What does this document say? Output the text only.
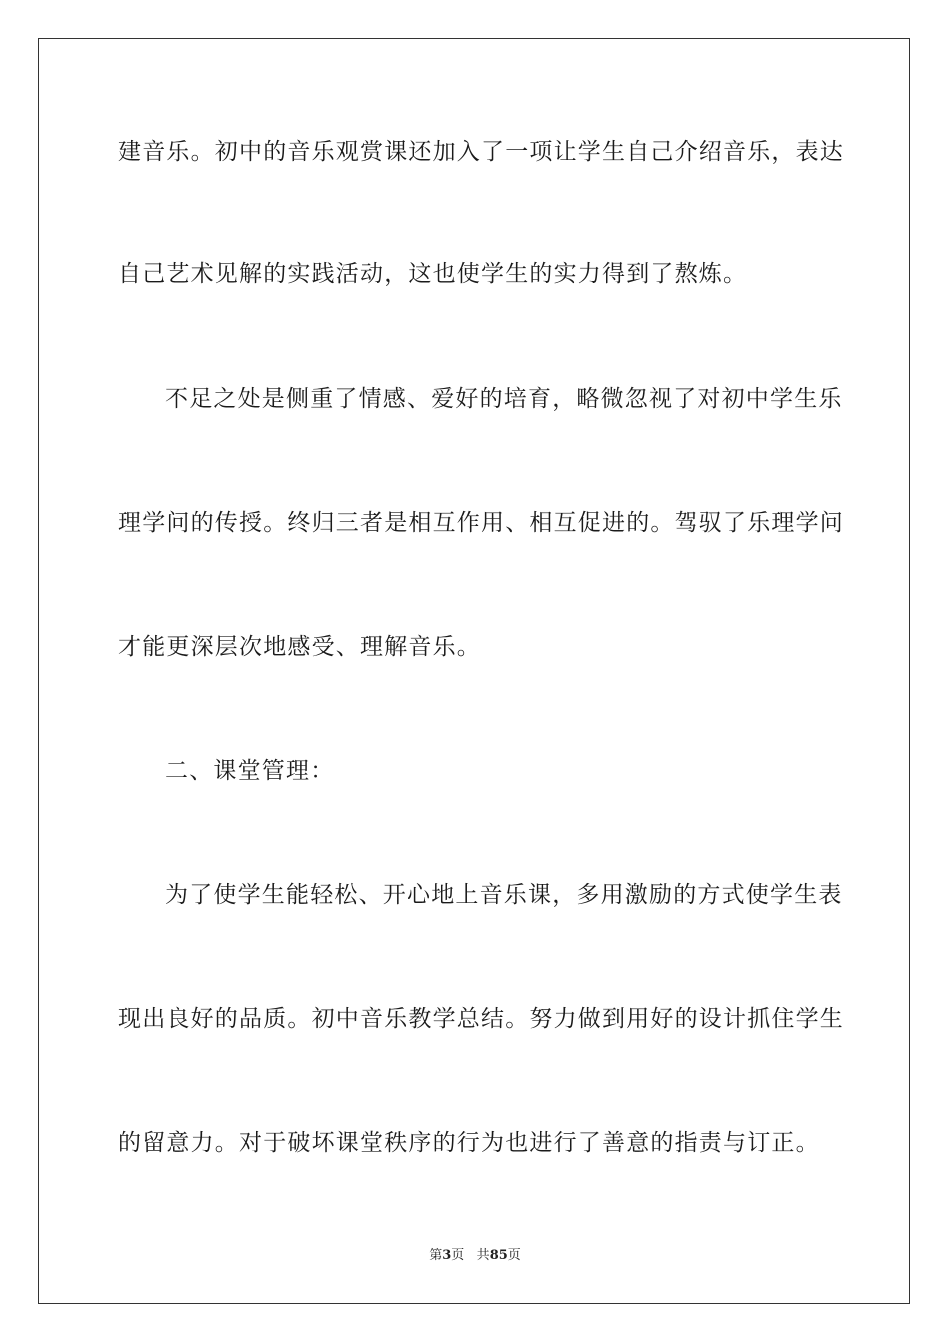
建音乐。初中的音乐观赏课还加入了一项让学生自己介绍音乐，表达
自己艺术见解的实践活动，这也使学生的实力得到了熬炼。
不足之处是侧重了情感、爱好的培育，略微忽视了对初中学生乐
理学问的传授。终归三者是相互作用、相互促进的。驾驭了乐理学问
才能更深层次地感受、理解音乐。
二、课堂管理：
为了使学生能轻松、开心地上音乐课，多用激励的方式使学生表
现出良好的品质。初中音乐教学总结。努力做到用好的设计抓住学生
的留意力。对于破坏课堂秩序的行为也进行了善意的指责与订正。
第3页 共85页
